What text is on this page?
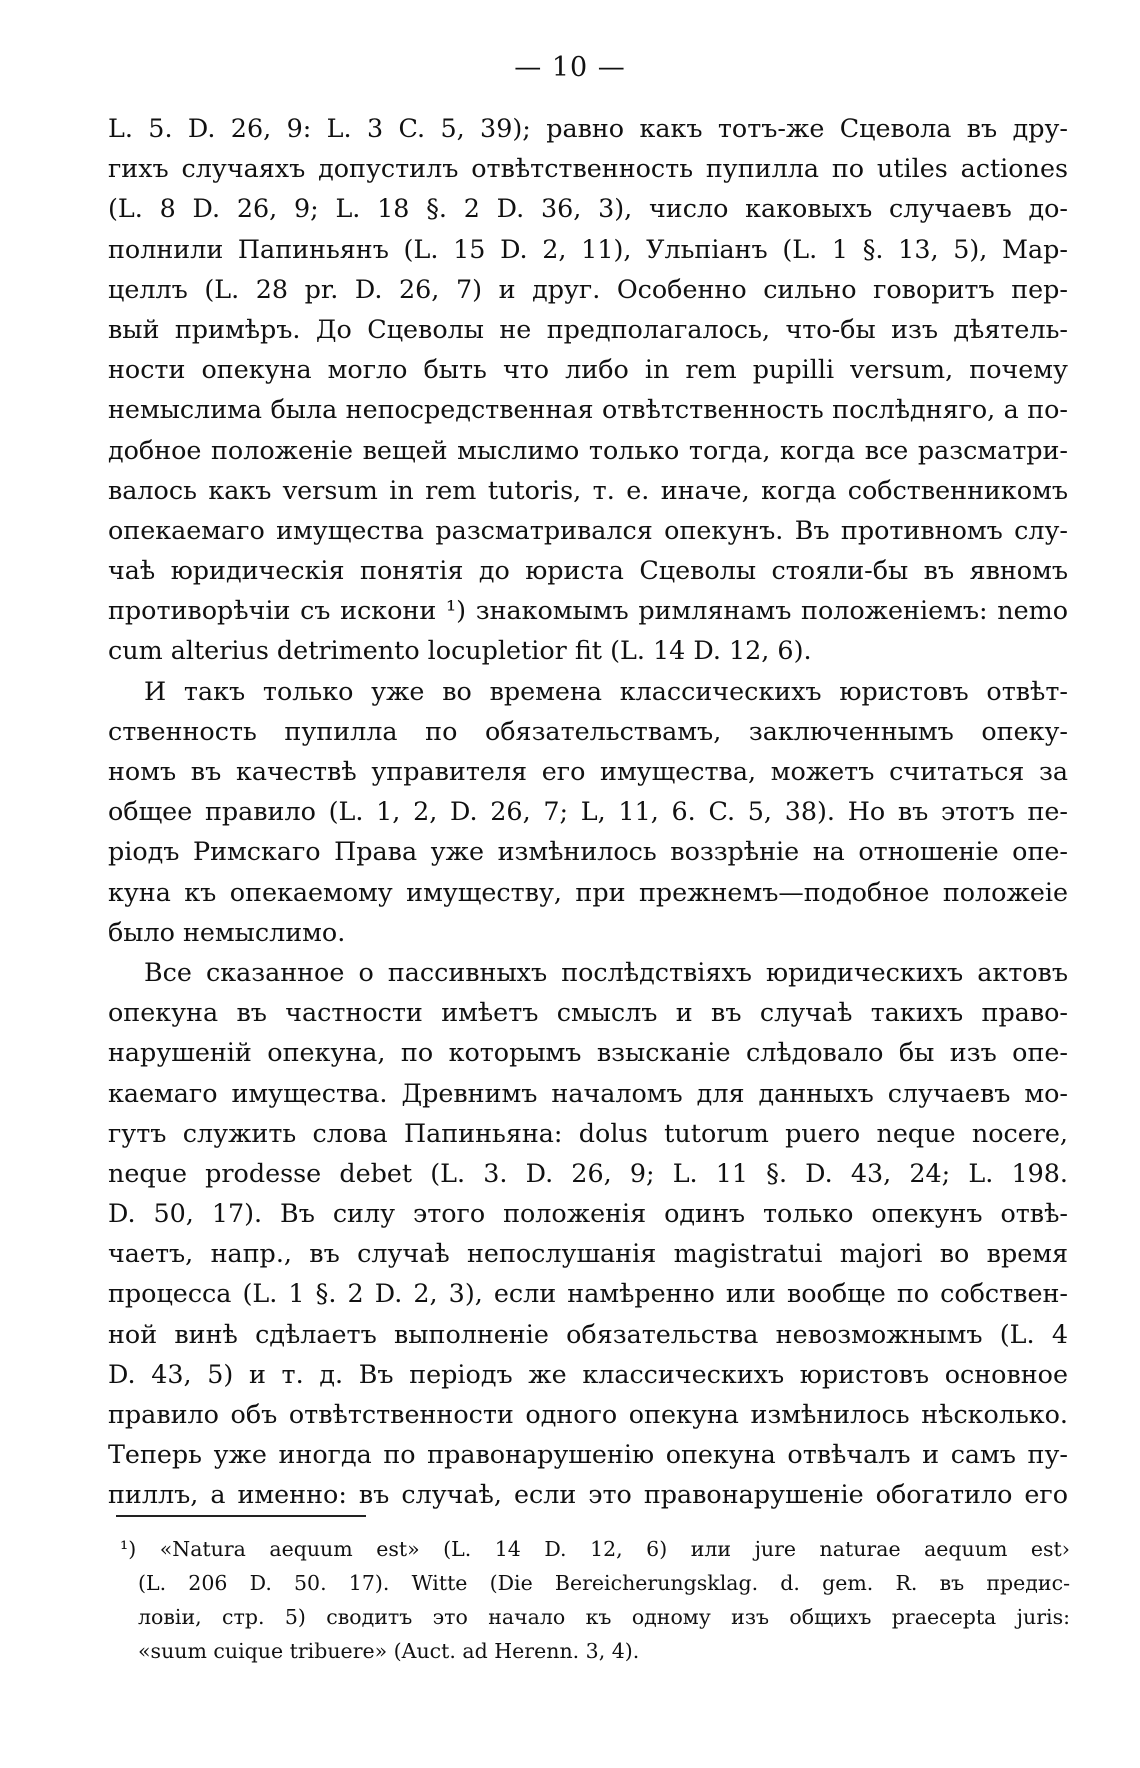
— 10 —
L. 5. D. 26, 9: L. 3 C. 5, 39); равно какъ тотъ-же Сцевола въ дру-
гихъ случаяхъ допустилъ отвѣтственность пупилла по utiles actiones
(L. 8 D. 26, 9; L. 18 §. 2 D. 36, 3), число каковыхъ случаевъ до-
полнили Папиньянъ (L. 15 D. 2, 11), Ульпіанъ (L. 1 §. 13, 5), Мар-
целлъ (L. 28 pr. D. 26, 7) и друг. Особенно сильно говоритъ пер-
вый примѣръ. До Сцеволы не предполагалось, что-бы изъ дѣятель-
ности опекуна могло быть что либо in rem pupilli versum, почему
немыслима была непосредственная отвѣтственность послѣдняго, а по-
добное положеніе вещей мыслимо только тогда, когда все разсматри-
валось какъ versum in rem tutoris, т. е. иначе, когда собственникомъ
опекаемаго имущества разсматривался опекунъ. Въ противномъ слу-
чаѣ юридическія понятія до юриста Сцеволы стояли-бы въ явномъ
противорѣчіи съ искони ¹) знакомымъ римлянамъ положеніемъ: nemo
cum alterius detrimento locupletior fit (L. 14 D. 12, 6).
И такъ только уже во времена классическихъ юристовъ отвѣт-
ственность пупилла по обязательствамъ, заключеннымъ опеку-
номъ въ качествѣ управителя его имущества, можетъ считаться за
общее правило (L. 1, 2, D. 26, 7; L, 11, 6. C. 5, 38). Но въ этотъ пе-
ріодъ Римскаго Права уже измѣнилось воззрѣніе на отношеніе опе-
куна къ опекаемому имуществу, при прежнемъ—подобное положеіе
было немыслимо.
Все сказанное о пассивныхъ послѣдствіяхъ юридическихъ актовъ
опекуна въ частности имѣетъ смыслъ и въ случаѣ такихъ право-
нарушеній опекуна, по которымъ взысканіе слѣдовало бы изъ опе-
каемаго имущества. Древнимъ началомъ для данныхъ случаевъ мо-
гутъ служить слова Папиньяна: dolus tutorum puero neque nocere,
neque prodesse debet (L. 3. D. 26, 9; L. 11 §. D. 43, 24; L. 198.
D. 50, 17). Въ силу этого положенія одинъ только опекунъ отвѣ-
чаетъ, напр., въ случаѣ непослушанія magistratui majori во время
процесса (L. 1 §. 2 D. 2, 3), если намѣренно или вообще по собствен-
ной винѣ сдѣлаетъ выполненіе обязательства невозможнымъ (L. 4
D. 43, 5) и т. д. Въ періодъ же классическихъ юристовъ основное
правило объ отвѣтственности одного опекуна измѣнилось нѣсколько.
Теперь уже иногда по правонарушенію опекуна отвѣчалъ и самъ пу-
пиллъ, а именно: въ случаѣ, если это правонарушеніе обогатило его
¹) «Natura aequum est» (L. 14 D. 12, 6) или jure naturae aequum est›
(L. 206 D. 50. 17). Witte (Die Bereicherungsklag. d. gem. R. въ предис-
ловіи, стр. 5) сводитъ это начало къ одному изъ общихъ praecepta juris:
«suum cuique tribuere» (Auct. ad Herenn. 3, 4).
